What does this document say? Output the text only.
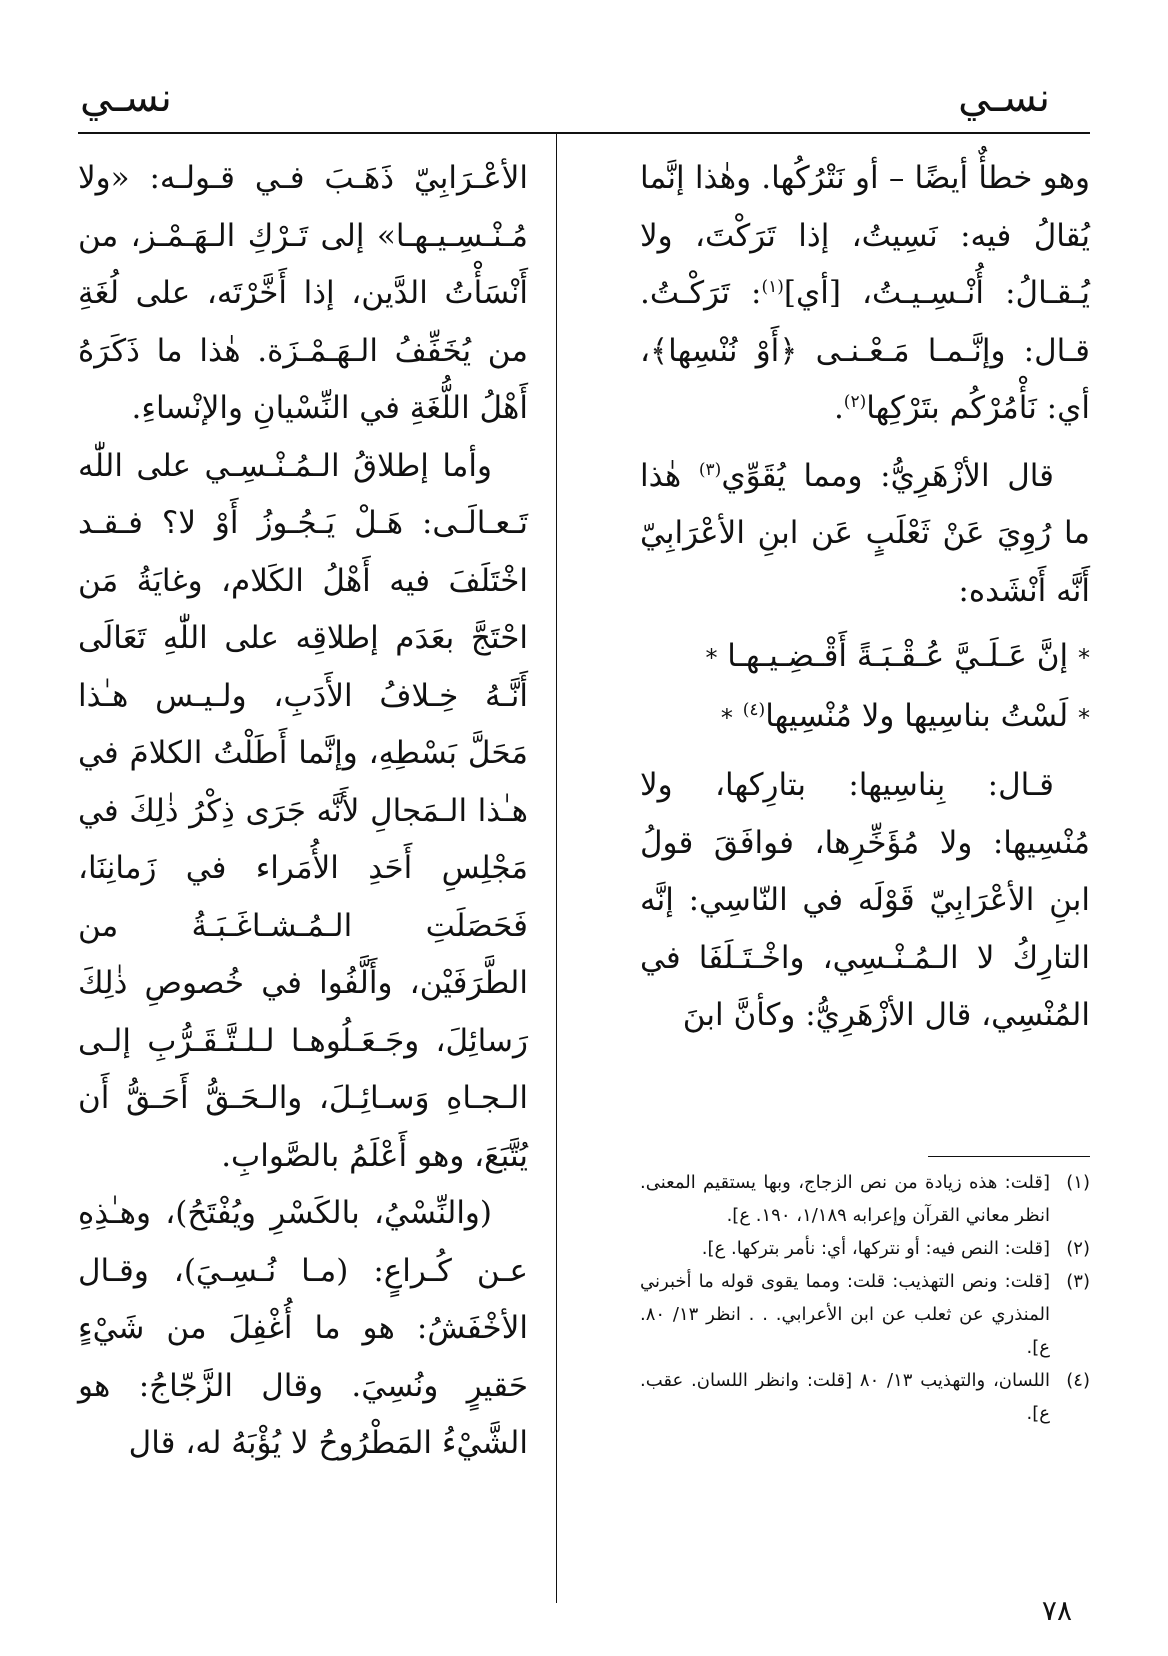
نسـي
نسـي

وهو خطأٌ أيضًا – أو نَتْرُكُها. وهٰذا إنَّما يُقالُ فيه: نَسِيتُ، إذا تَرَكْتَ، ولا يُـقـالُ: أُنْـسِـيـتُ، [أي]$^{(١)}$: تَرَكْـتُ. قـال: وإنَّـمـا مَـعْـنـى ﴿أَوْ نُنْسِها﴾، أي: نَأْمُرْكُم بتَرْكِها$^{(٢)}$.

قال الأزْهَرِيُّ: ومما يُقَوِّي$^{(٣)}$ هٰذا ما رُوِيَ عَنْ ثَعْلَبٍ عَن ابنِ الأعْرَابِيّ أَنَّه أَنْشَده:

* إنَّ عَـلَـيَّ عُـقْـبَـةً أَقْـضِـيـهـا *
* لَسْتُ بناسِيها ولا مُنْسِيها$^{(٤)}$ *

قـال: بِناسِيها: بتارِكها، ولا مُنْسِيها: ولا مُؤَخِّرِها، فوافَقَ قولُ ابنِ الأعْرَابِيّ قَوْلَه في النّاسِي: إنَّه التارِكُ لا الـمُـنْـسِي، واخْـتَـلَفَا في المُنْسِي، قال الأزْهَرِيُّ: وكأنَّ ابنَ

الأعْـرَابِيّ ذَهَـبَ فـي قـولـه: «ولا مُـنْـسِـيـهـا» إلى تَـرْكِ الـهَـمْـز، من أَنْسَأْتُ الدَّين، إذا أَخَّرْتَه، على لُغَةِ من يُخَفِّفُ الـهَـمْـزَة. هٰذا ما ذَكَرَهُ أَهْلُ اللُّغَةِ في النِّسْيانِ والإنْساءِ.

وأما إطلاقُ الـمُـنْـسِـي على اللّٰه تَـعـالَـى: هَـلْ يَـجُـوزُ أَوْ لا؟ فـقـد اخْتَلَفَ فيه أَهْلُ الكَلام، وغايَةُ مَن احْتَجَّ بعَدَم إطلاقِه على اللّٰهِ تَعَالَى أَنَّـهُ خِـلافُ الأَدَبِ، ولـيـس هـٰذا مَحَلَّ بَسْطِهِ، وإنَّما أَطَلْتُ الكلامَ في هـٰذا الـمَجالِ لأَنَّه جَرَى ذِكْرُ ذٰلِكَ في مَجْلِسِ أَحَدِ الأُمَراء في زَمانِنَا، فَحَصَلَتِ الـمُـشـاغَـبَـةُ من الطَّرَفَيْن، وأَلَّفُوا في خُصوصِ ذٰلِكَ رَسائِلَ، وجَـعَـلُوهـا لـلـتَّـقَـرُّبِ إلـى الـجـاهِ وَسـائِـلَ، والـحَـقُّ أَحَـقُّ أَن يُتَّبَعَ، وهو أَعْلَمُ بالصَّوابِ.

(والنِّسْيُ، بالكَسْرِ ويُفْتَحُ)، وهـٰذِهِ عـن كُـراعٍ: (مـا نُـسِـيَ)، وقـال الأخْفَشُ: هو ما أُغْفِلَ من شَيْءٍ حَقيرٍ ونُسِيَ. وقال الزَّجّاجُ: هو الشَّيْءُ المَطْرُوحُ لا يُؤْبَهُ له، قال

(١)
[قلت: هذه زيادة من نص الزجاج، وبها يستقيم المعنى. انظر معاني القرآن وإعرابه ١/١٨٩، ١٩٠. ع].
(٢)
[قلت: النص فيه: أو نتركها، أي: نأمر بتركها. ع].
(٣)
[قلت: ونص التهذيب: قلت: ومما يقوى قوله ما أخبرني المنذري عن ثعلب عن ابن الأعرابي. . . انظر ١٣/ ٨٠. ع].
(٤)
اللسان، والتهذيب ١٣/ ٨٠ [قلت: وانظر اللسان. عقب. ع].
٧٨
